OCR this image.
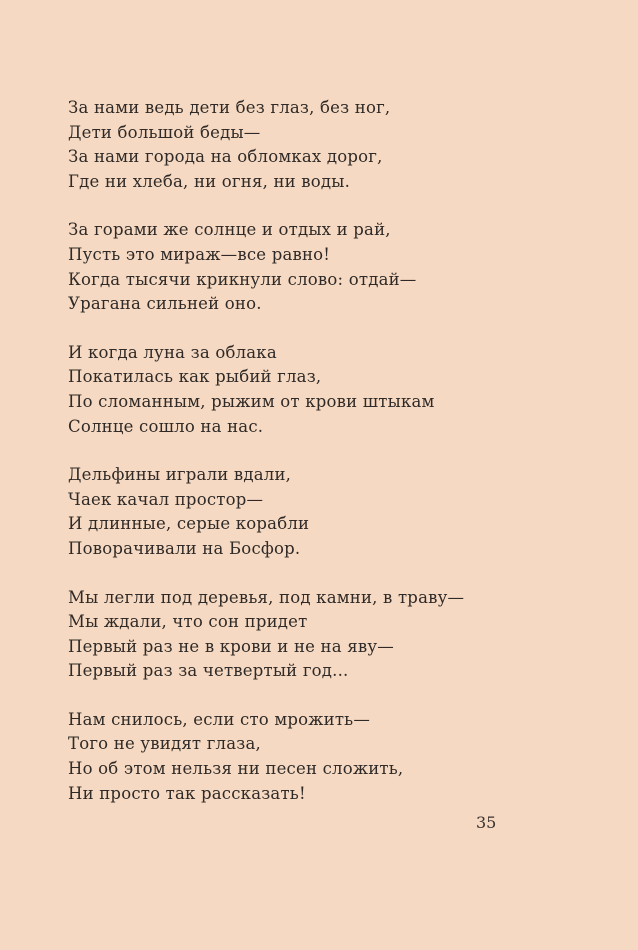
За нами ведь дети без глаз, без ног,
Дети большой беды—
За нами города на обломках дорог,
Где ни хлеба, ни огня, ни воды.
За горами же солнце и отдых и рай,
Пусть это мираж—все равно!
Когда тысячи крикнули слово: отдай—
Урагана сильней оно.
И когда луна за облака
Покатилась как рыбий глаз,
По сломанным, рыжим от крови штыкам
Солнце сошло на нас.
Дельфины играли вдали,
Чаек качал простор—
И длинные, серые корабли
Поворачивали на Босфор.
Мы легли под деревья, под камни, в траву—
Мы ждали, что сон придет
Первый раз не в крови и не на яву—
Первый раз за четвертый год...
Нам снилось, если сто мрожить—
Того не увидят глаза,
Но об этом нельзя ни песен сложить,
Ни просто так рассказать!
35
